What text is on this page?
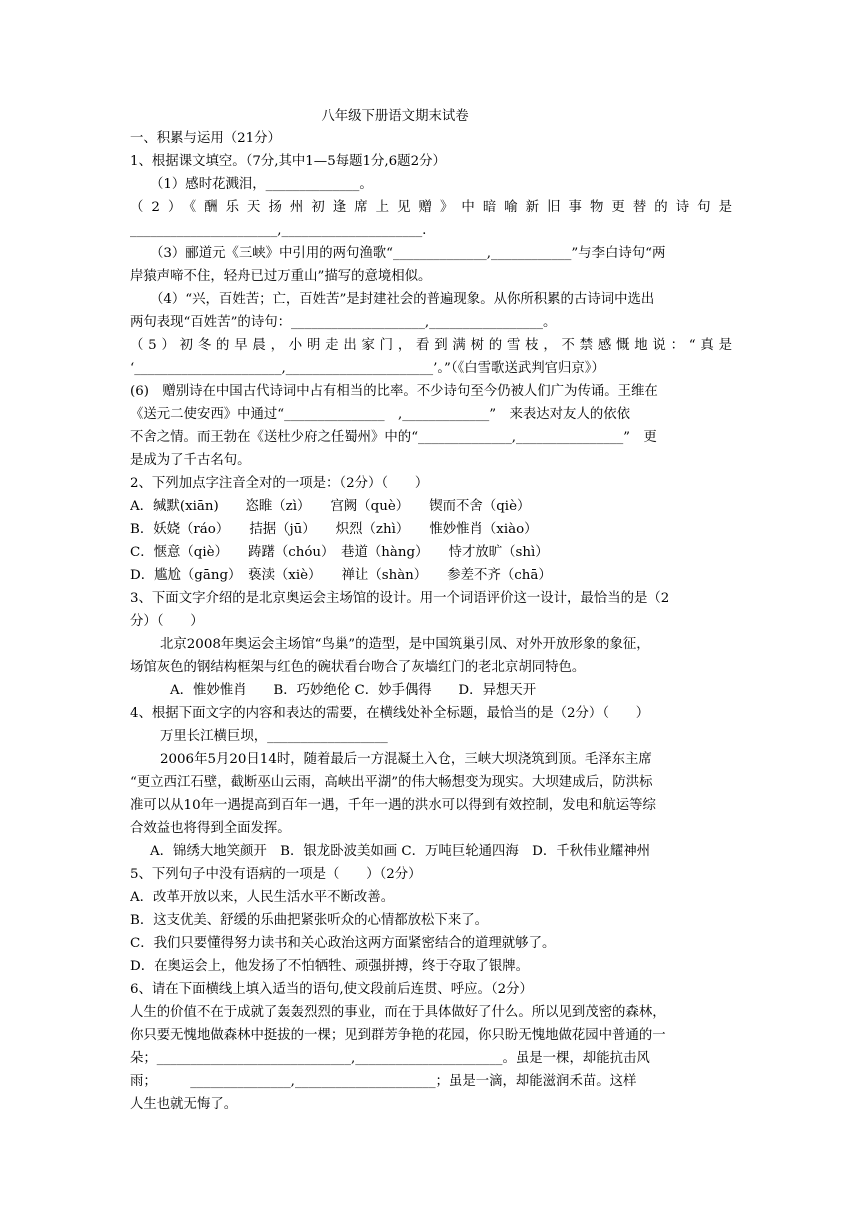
八年级下册语文期末试卷
一、积累与运用（21分）
1、根据课文填空。（7分,其中1—5每题1分,6题2分）
（1）感时花溅泪，______________。
（2）《酬乐天扬州初逢席上见赠》中暗喻新旧事物更替的诗句是
______________________,_____________________.
（3）郦道元《三峡》中引用的两句渔歌“______________,____________”与李白诗句“两
岸猿声啼不住，轻舟已过万重山”描写的意境相似。
（4）“兴，百姓苦；亡，百姓苦”是封建社会的普遍现象。从你所积累的古诗词中选出
两句表现“百姓苦”的诗句：____________________,_________________。
（5）初冬的早晨，小明走出家门，看到满树的雪枝，不禁感慨地说：“真是
‘______________________,______________________’。”（《白雪歌送武判官归京》）
(6)　赠别诗在中国古代诗词中占有相当的比率。不少诗句至今仍被人们广为传诵。王维在
《送元二使安西》中通过“_______________　,_____________”　来表达对友人的依依
不舍之情。而王勃在《送杜少府之任蜀州》中的“______________,________________”　更
是成为了千古名句。
2、下列加点字注音全对的一项是：（2分）（　　）
A．缄默(xiān)　　恣睢（zì）　　宫阙（què）　　锲而不舍（qiè）
B．妖娆（ráo）　　拮据（jū）　　炽烈（zhì）　　惟妙惟肖（xiào）
C．惬意（qiè）　　踌躇（chóu）　巷道（hàng）　　恃才放旷（shì）
D．尴尬（gāng）　亵渎（xiè）　　禅让（shàn）　　参差不齐（chā）
3、下面文字介绍的是北京奥运会主场馆的设计。用一个词语评价这一设计，最恰当的是（2
分）（　　）
北京2008年奥运会主场馆“鸟巢”的造型，是中国筑巢引凤、对外开放形象的象征，
场馆灰色的钢结构框架与红色的碗状看台吻合了灰墙红门的老北京胡同特色。
A．惟妙惟肖　　B．巧妙绝伦 C．妙手偶得　　D．异想天开
4、根据下面文字的内容和表达的需要，在横线处补全标题，最恰当的是（2分）（　　）
万里长江横巨坝，__________________
2006年5月20日14时，随着最后一方混凝土入仓，三峡大坝浇筑到顶。毛泽东主席
“更立西江石壁，截断巫山云雨，高峡出平湖”的伟大畅想变为现实。大坝建成后，防洪标
准可以从10年一遇提高到百年一遇，千年一遇的洪水可以得到有效控制，发电和航运等综
合效益也将得到全面发挥。
A．锦绣大地笑颜开　B．银龙卧波美如画 C．万吨巨轮通四海　D．千秋伟业耀神州
5、下列句子中没有语病的一项是（　　）（2分）
A．改革开放以来，人民生活水平不断改善。
B．这支优美、舒缓的乐曲把紧张听众的心情都放松下来了。
C．我们只要懂得努力读书和关心政治这两方面紧密结合的道理就够了。
D．在奥运会上，他发扬了不怕牺牲、顽强拼搏，终于夺取了银牌。
6、请在下面横线上填入适当的语句,使文段前后连贯、呼应。（2分）
人生的价值不在于成就了轰轰烈烈的事业，而在于具体做好了什么。所以见到茂密的森林，
你只要无愧地做森林中挺拔的一棵；见到群芳争艳的花园，你只盼无愧地做花园中普通的一
朵；_____________________________,______________________。虽是一棵，却能抗击风
雨；　　　_______________,_____________________；虽是一滴，却能滋润禾苗。这样
人生也就无悔了。
